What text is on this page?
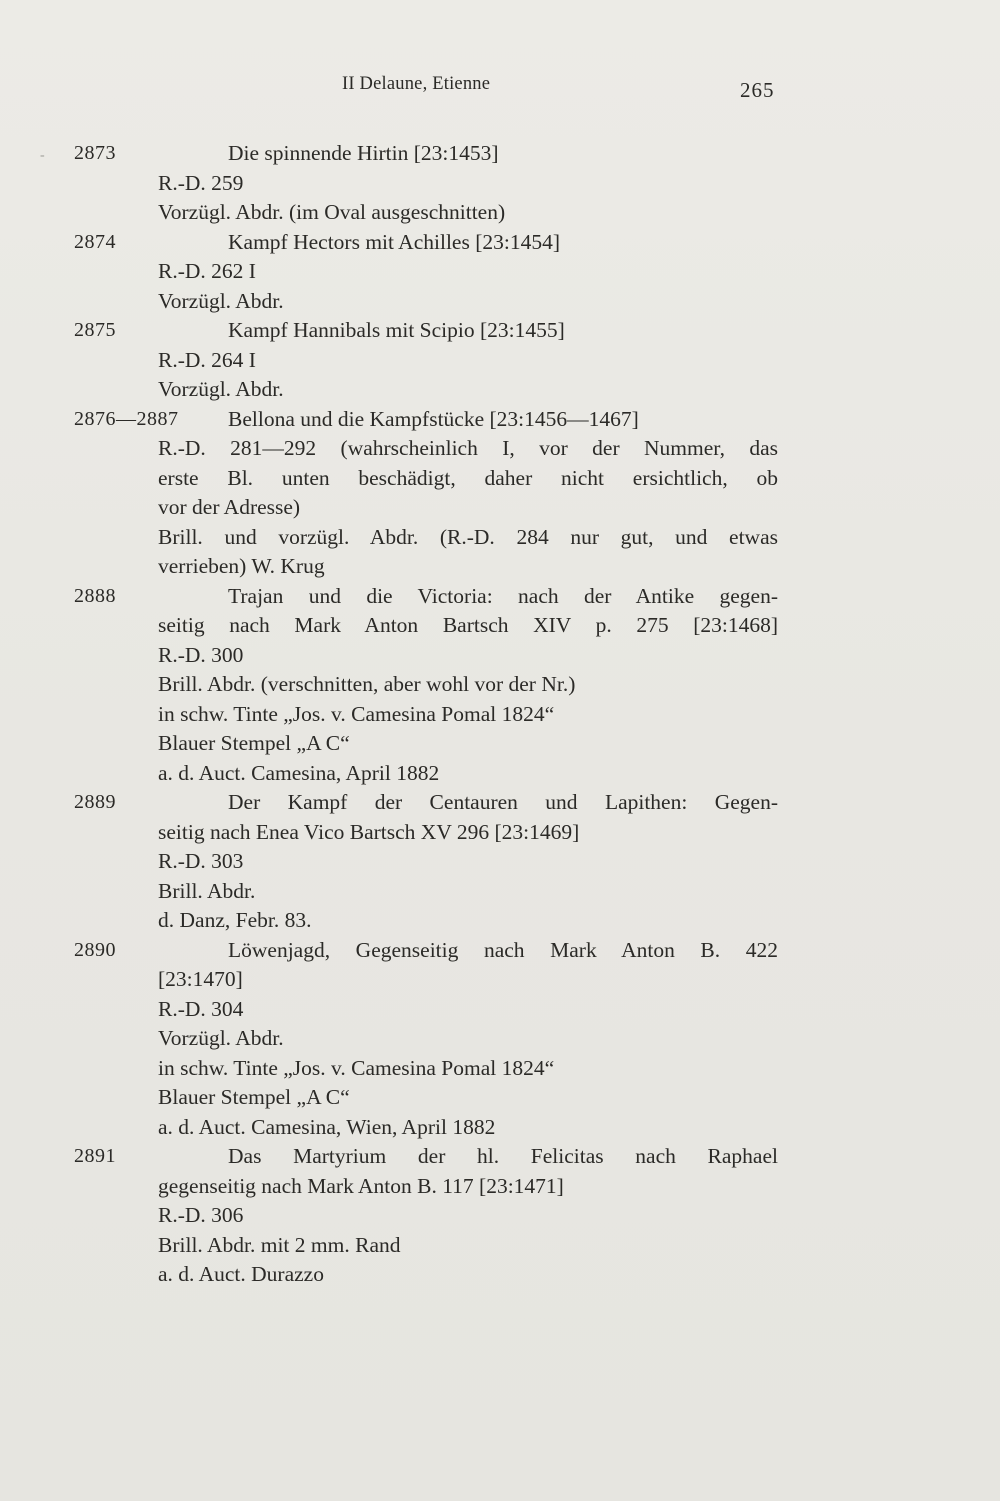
II Delaune, Etienne	265
- 2873	Die spinnende Hirtin [23:1453]
R.-D. 259
Vorzügl. Abdr. (im Oval ausgeschnitten)
2874	Kampf Hectors mit Achilles [23:1454]
R.-D. 262 I
Vorzügl. Abdr.
2875	Kampf Hannibals mit Scipio [23:1455]
R.-D. 264 I
Vorzügl. Abdr.
2876—2887 Bellona und die Kampfstücke [23:1456—1467]
R.-D. 281—292 (wahrscheinlich I, vor der Nummer, das
erste Bl. unten beschädigt, daher nicht ersichtlich, ob
vor der Adresse)
Brill. und vorzügl. Abdr. (R.-D. 284 nur gut, und etwas
verrieben) W. Krug
2888	Trajan und die Victoria: nach der Antike gegen-
seitig nach Mark Anton Bartsch XIV p. 275 [23:1468]
R.-D. 300
Brill. Abdr. (verschnitten, aber wohl vor der Nr.)
in schw. Tinte „Jos. v. Camesina Pomal 1824“
Blauer Stempel „A C“
a. d. Auct. Camesina, April 1882
2889	Der Kampf der Centauren und Lapithen: Gegen-
seitig nach Enea Vico Bartsch XV 296 [23:1469]
R.-D. 303
Brill. Abdr.
d. Danz, Febr. 83.
2890	Löwenjagd, Gegenseitig nach Mark Anton B. 422
[23:1470]
R.-D. 304
Vorzügl. Abdr.
in schw. Tinte „Jos. v. Camesina Pomal 1824“
Blauer Stempel „A C“
a. d. Auct. Camesina, Wien, April 1882
2891	Das Martyrium der hl. Felicitas nach Raphael
gegenseitig nach Mark Anton B. 117 [23:1471]
R.-D. 306
Brill. Abdr. mit 2 mm. Rand
a. d. Auct. Durazzo
